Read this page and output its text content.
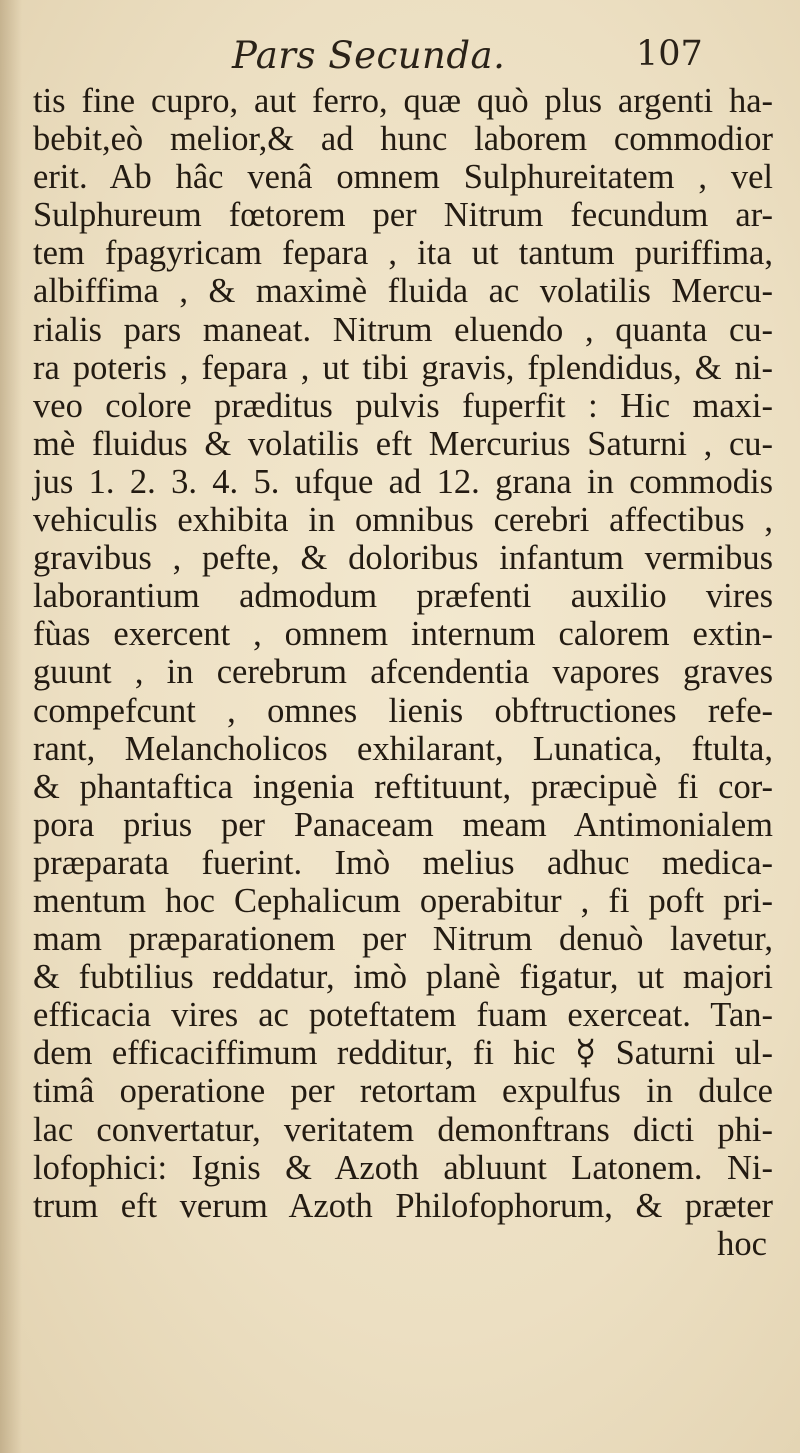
Pars Secunda.	107
tis fine cupro, aut ferro, quæ quò plus argenti ha-
bebit,eò melior,& ad hunc laborem commodior
erit. Ab hâc venâ omnem Sulphureitatem , vel
Sulphureum fœtorem per Nitrum fecundum ar-
tem fpagyricam fepara , ita ut tantum puriffima,
albiffima , & maximè fluida ac volatilis Mercu-
rialis pars maneat. Nitrum eluendo , quanta cu-
ra poteris , fepara , ut tibi gravis, fplendidus, & ni-
veo colore præditus pulvis fuperfit : Hic maxi-
mè fluidus & volatilis eft Mercurius Saturni , cu-
jus 1. 2. 3. 4. 5. ufque ad 12. grana in commodis
vehiculis exhibita in omnibus cerebri affectibus ,
gravibus , pefte, & doloribus infantum vermibus
laborantium admodum præfenti auxilio vires
fùas exercent , omnem internum calorem extin-
guunt , in cerebrum afcendentia vapores graves
compefcunt , omnes lienis obftructiones refe-
rant, Melancholicos exhilarant, Lunatica, ftulta,
& phantaftica ingenia reftituunt, præcipuè fi cor-
pora prius per Panaceam meam Antimonialem
præparata fuerint. Imò melius adhuc medica-
mentum hoc Cephalicum operabitur , fi poft pri-
mam præparationem per Nitrum denuò lavetur,
& fubtilius reddatur, imò planè figatur, ut majori
efficacia vires ac poteftatem fuam exerceat. Tan-
dem efficaciffimum redditur, fi hic ☿ Saturni ul-
timâ operatione per retortam expulfus in dulce
lac convertatur, veritatem demonftrans dicti phi-
lofophici: Ignis & Azoth abluunt Latonem. Ni-
trum eft verum Azoth Philofophorum, & præter
hoc
